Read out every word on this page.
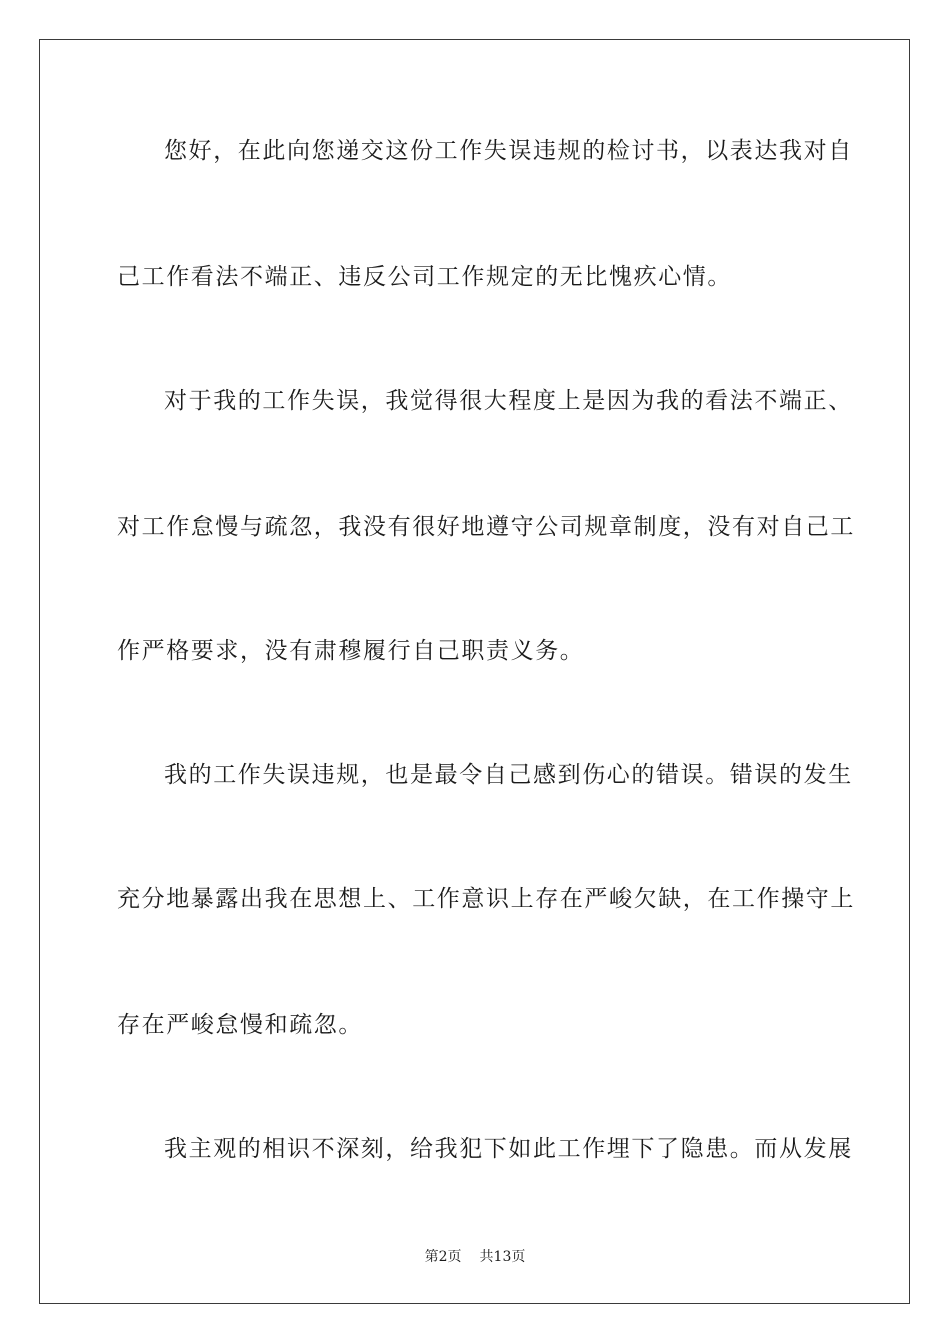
您好，在此向您递交这份工作失误违规的检讨书，以表达我对自
己工作看法不端正、违反公司工作规定的无比愧疚心情。
对于我的工作失误，我觉得很大程度上是因为我的看法不端正、
对工作怠慢与疏忽，我没有很好地遵守公司规章制度，没有对自己工
作严格要求，没有肃穆履行自己职责义务。
我的工作失误违规，也是最令自己感到伤心的错误。错误的发生
充分地暴露出我在思想上、工作意识上存在严峻欠缺，在工作操守上
存在严峻怠慢和疏忽。
我主观的相识不深刻，给我犯下如此工作埋下了隐患。而从发展
第2页 共13页
